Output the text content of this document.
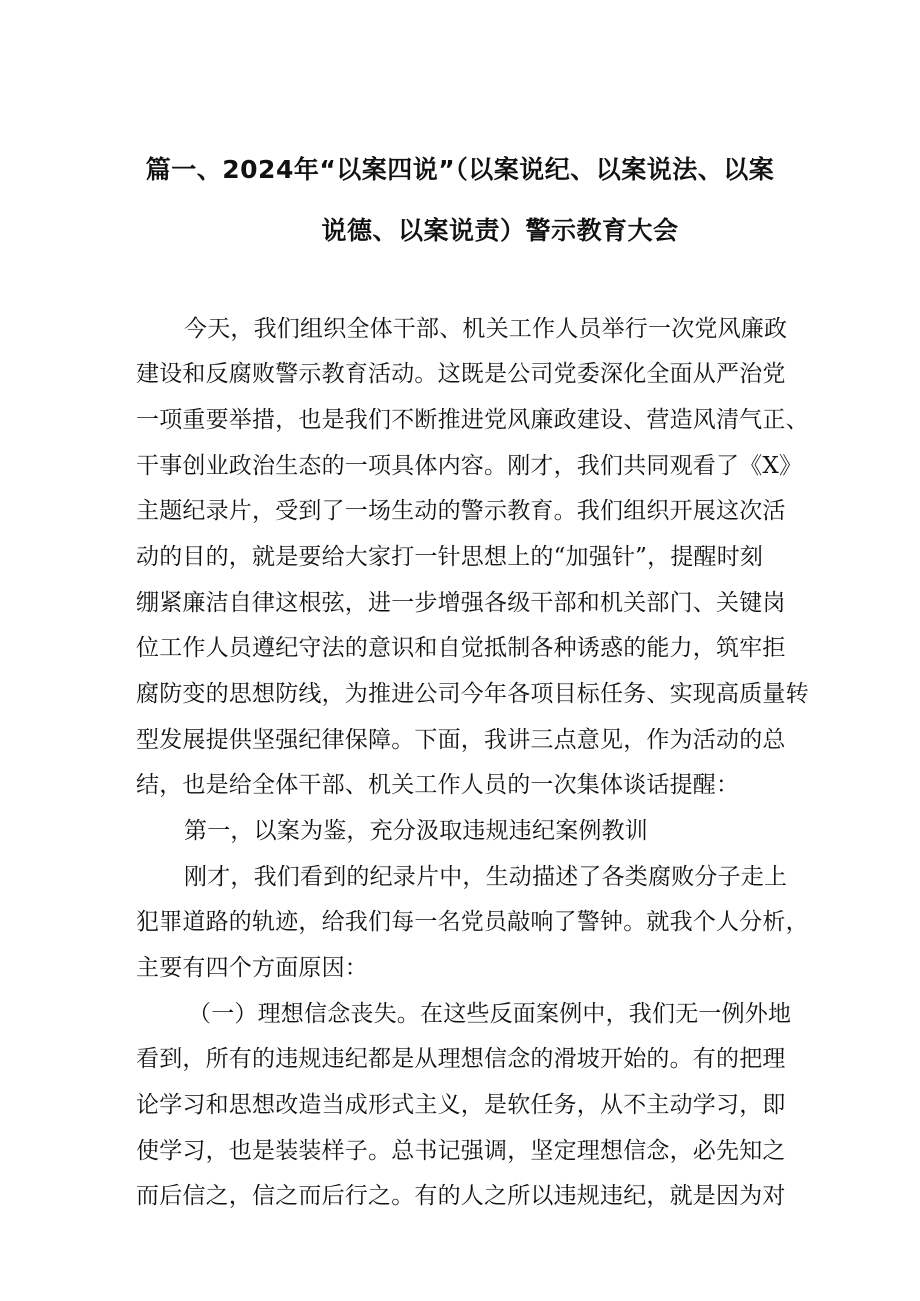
篇一、2024年“以案四说”（以案说纪、以案说法、以案
说德、以案说责）警示教育大会
今天，我们组织全体干部、机关工作人员举行一次党风廉政
建设和反腐败警示教育活动。这既是公司党委深化全面从严治党
一项重要举措，也是我们不断推进党风廉政建设、营造风清气正、
干事创业政治生态的一项具体内容。刚才，我们共同观看了《X》
主题纪录片，受到了一场生动的警示教育。我们组织开展这次活
动的目的，就是要给大家打一针思想上的“加强针”，提醒时刻
绷紧廉洁自律这根弦，进一步增强各级干部和机关部门、关键岗
位工作人员遵纪守法的意识和自觉抵制各种诱惑的能力，筑牢拒
腐防变的思想防线，为推进公司今年各项目标任务、实现高质量转
型发展提供坚强纪律保障。下面，我讲三点意见，作为活动的总
结，也是给全体干部、机关工作人员的一次集体谈话提醒：
第一，以案为鉴，充分汲取违规违纪案例教训
刚才，我们看到的纪录片中，生动描述了各类腐败分子走上
犯罪道路的轨迹，给我们每一名党员敲响了警钟。就我个人分析，
主要有四个方面原因：
（一）理想信念丧失。在这些反面案例中，我们无一例外地
看到，所有的违规违纪都是从理想信念的滑坡开始的。有的把理
论学习和思想改造当成形式主义，是软任务，从不主动学习，即
使学习，也是装装样子。总书记强调，坚定理想信念，必先知之
而后信之，信之而后行之。有的人之所以违规违纪，就是因为对
